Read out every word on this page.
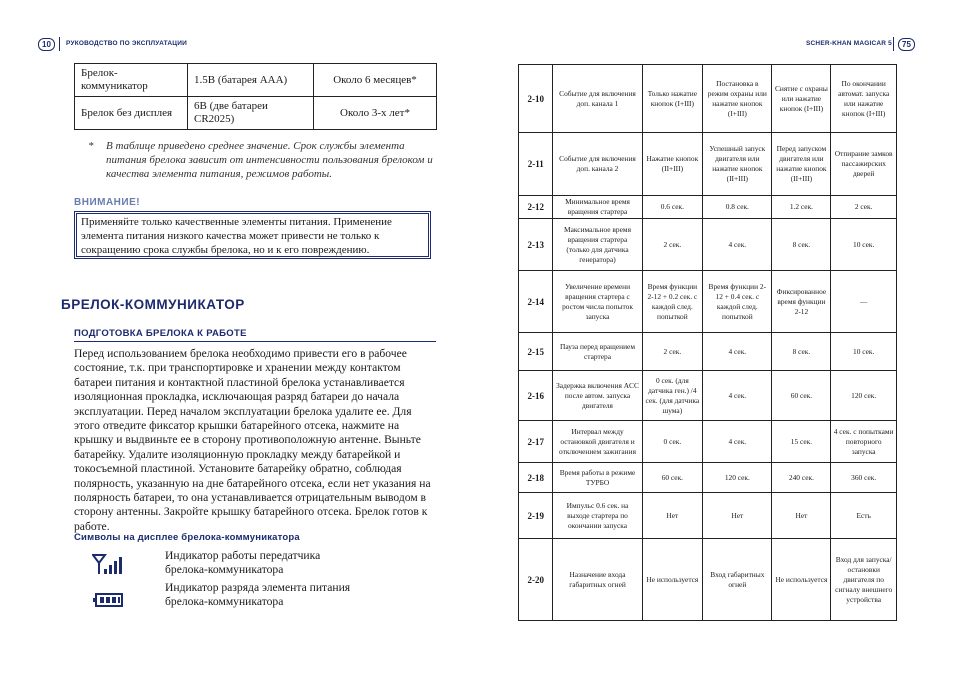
10	РУКОВОДСТВО ПО ЭКСПЛУАТАЦИИ	SCHER-KHAN MAGICAR 5	75
Брелок-коммуникатор	1.5В (батарея ААА)	Около 6 месяцев*
Брелок без дисплея	6В (две батареи CR2025)	Около 3-х лет*
* В таблице приведено среднее значение. Срок службы элемента питания брелока зависит от интенсивности пользования брелоком и качества элемента питания, режимов работы.
ВНИМАНИЕ!
Применяйте только качественные элементы питания. Применение элемента питания низкого качества может привести не только к сокращению срока службы брелока, но и к его повреждению.
БРЕЛОК-КОММУНИКАТОР
ПОДГОТОВКА БРЕЛОКА К РАБОТЕ
Перед использованием брелока необходимо привести его в рабочее состояние, т.к. при транспортировке и хранении между контактом батареи питания и контактной пластиной брелока устанавливается изоляционная прокладка, исключающая разряд батареи до начала эксплуатации. Перед началом эксплуатации брелока удалите ее. Для этого отведите фиксатор крышки батарейного отсека, нажмите на крышку и выдвиньте ее в сторону противоположную антенне. Выньте батарейку. Удалите изоляционную прокладку между батарейкой и токосъемной пластиной. Установите батарейку обратно, соблюдая полярность, указанную на дне батарейного отсека, если нет указания на полярность батареи, то она устанавливается отрицательным выводом в сторону антенны. Закройте крышку батарейного отсека. Брелок готов к работе.
Символы на дисплее брелока-коммуникатора
Индикатор работы передатчика брелока-коммуникатора
Индикатор разряда элемента питания брелока-коммуникатора
2-10	Событие для включения доп. канала 1	Только нажатие кнопок (I+III)	Постановка в режим охраны или нажатие кнопок (I+III)	Снятие с охраны или нажатие кнопок (I+III)	По окончании автомат. запуска или нажатие кнопок (I+III)
2-11	Событие для включения доп. канала 2	Нажатие кнопок (II+III)	Успешный запуск двигателя или нажатие кнопок (II+III)	Перед запуском двигателя или нажатие кнопок (II+III)	Отпирание замков пассажирских дверей
2-12	Минимальное время вращения стартера	0.6 сек.	0.8 сек.	1.2 сек.	2 сек.
2-13	Максимальное время вращения стартера (только для датчика генератора)	2 сек.	4 сек.	8 сек.	10 сек.
2-14	Увеличение времени вращения стартера с ростом числа попыток запуска	Время функции 2-12 + 0.2 сек. с каждой след. попыткой	Время функции 2-12 + 0.4 сек. с каждой след. попыткой	Фиксированное время функции 2-12	—
2-15	Пауза перед вращением стартера	2 сек.	4 сек.	8 сек.	10 сек.
2-16	Задержка включения ACC после автом. запуска двигателя	0 сек. (для датчика ген.) /4 сек. (для датчика шума)	4 сек.	60 сек.	120 сек.
2-17	Интервал между остановкой двигателя и отключением зажигания	0 сек.	4 сек.	15 сек.	4 сек. с попытками повторного запуска
2-18	Время работы в режиме ТУРБО	60 сек.	120 сек.	240 сек.	360 сек.
2-19	Импульс 0.6 сек. на выходе стартера по окончании запуска	Нет	Нет	Нет	Есть
2-20	Назначение входа габаритных огней	Не используется	Вход габаритных огней	Не используется	Вход для запуска/остановки двигателя по сигналу внешнего устройства
